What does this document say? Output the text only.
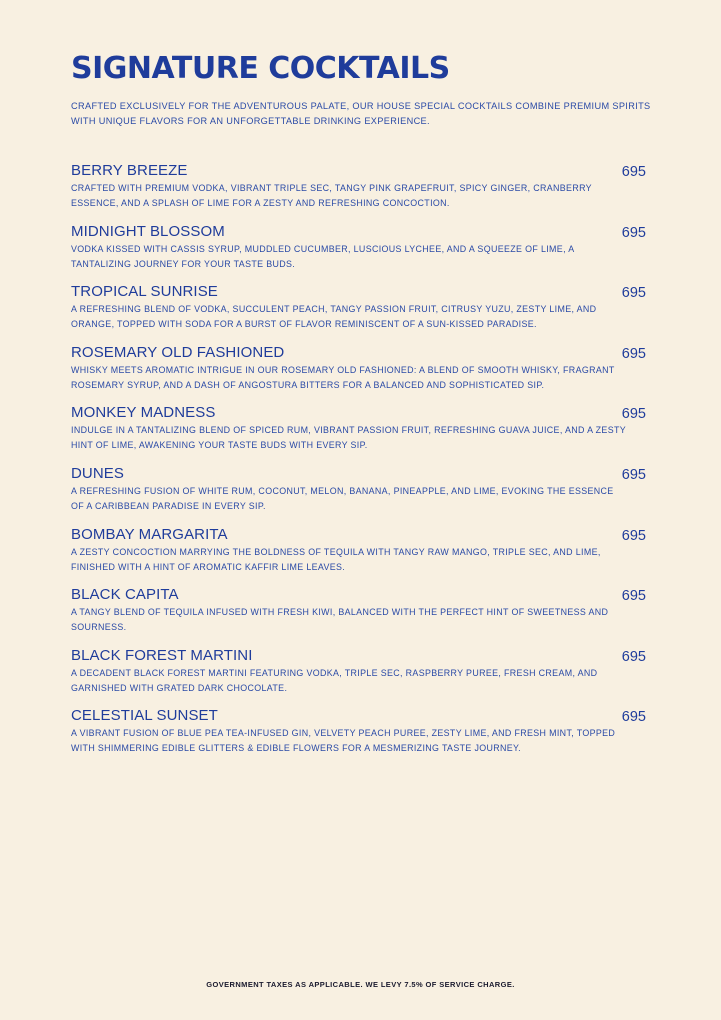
SIGNATURE COCKTAILS

CRAFTED EXCLUSIVELY FOR THE ADVENTUROUS PALATE, OUR HOUSE SPECIAL COCKTAILS COMBINE PREMIUM SPIRITS WITH UNIQUE FLAVORS FOR AN UNFORGETTABLE DRINKING EXPERIENCE.

BERRY BREEZE	695
CRAFTED WITH PREMIUM VODKA, VIBRANT TRIPLE SEC, TANGY PINK GRAPEFRUIT, SPICY GINGER, CRANBERRY ESSENCE, AND A SPLASH OF LIME FOR A ZESTY AND REFRESHING CONCOCTION.
MIDNIGHT BLOSSOM	695
VODKA KISSED WITH CASSIS SYRUP, MUDDLED CUCUMBER, LUSCIOUS LYCHEE, AND A SQUEEZE OF LIME, A TANTALIZING JOURNEY FOR YOUR TASTE BUDS.
TROPICAL SUNRISE	695
A REFRESHING BLEND OF VODKA, SUCCULENT PEACH, TANGY PASSION FRUIT, CITRUSY YUZU, ZESTY LIME, AND ORANGE, TOPPED WITH SODA FOR A BURST OF FLAVOR REMINISCENT OF A SUN-KISSED PARADISE.
ROSEMARY OLD FASHIONED	695
WHISKY MEETS AROMATIC INTRIGUE IN OUR ROSEMARY OLD FASHIONED: A BLEND OF SMOOTH WHISKY, FRAGRANT ROSEMARY SYRUP, AND A DASH OF ANGOSTURA BITTERS FOR A BALANCED AND SOPHISTICATED SIP.
MONKEY MADNESS	695
INDULGE IN A TANTALIZING BLEND OF SPICED RUM, VIBRANT PASSION FRUIT, REFRESHING GUAVA JUICE, AND A ZESTY HINT OF LIME, AWAKENING YOUR TASTE BUDS WITH EVERY SIP.
DUNES	695
A REFRESHING FUSION OF WHITE RUM, COCONUT, MELON, BANANA, PINEAPPLE, AND LIME, EVOKING THE ESSENCE OF A CARIBBEAN PARADISE IN EVERY SIP.
BOMBAY MARGARITA	695
A ZESTY CONCOCTION MARRYING THE BOLDNESS OF TEQUILA WITH TANGY RAW MANGO, TRIPLE SEC, AND LIME, FINISHED WITH A HINT OF AROMATIC KAFFIR LIME LEAVES.
BLACK CAPITA	695
A TANGY BLEND OF TEQUILA INFUSED WITH FRESH KIWI, BALANCED WITH THE PERFECT HINT OF SWEETNESS AND SOURNESS.
BLACK FOREST MARTINI	695
A DECADENT BLACK FOREST MARTINI FEATURING VODKA, TRIPLE SEC, RASPBERRY PUREE, FRESH CREAM, AND GARNISHED WITH GRATED DARK CHOCOLATE.
CELESTIAL SUNSET	695
A VIBRANT FUSION OF BLUE PEA TEA-INFUSED GIN, VELVETY PEACH PUREE, ZESTY LIME, AND FRESH MINT, TOPPED WITH SHIMMERING EDIBLE GLITTERS & EDIBLE FLOWERS FOR A MESMERIZING TASTE JOURNEY.
GOVERNMENT TAXES AS APPLICABLE. WE LEVY 7.5% OF SERVICE CHARGE.
